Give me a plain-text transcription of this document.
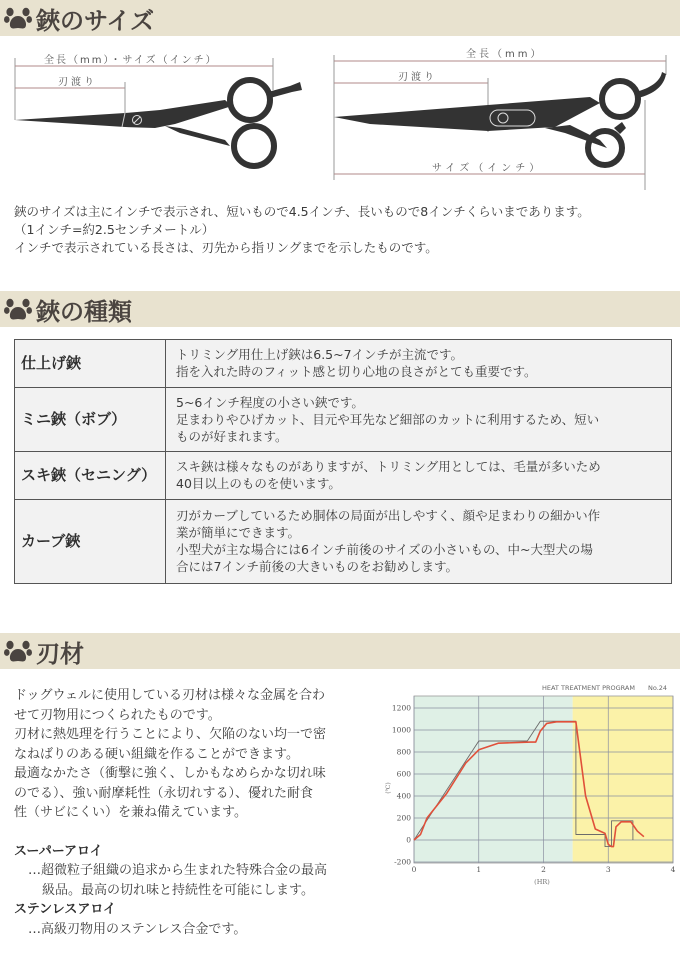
鋏のサイズ
全長（mm）・サイズ（インチ）
刃渡り
全長（mm）
刃渡り
サイズ（インチ）
鋏のサイズは主にインチで表示され、短いもので4.5インチ、長いもので8インチくらいまであります。
（1インチ=約2.5センチメートル）
インチで表示されている長さは、刃先から指リングまでを示したものです。
鋏の種類
仕上げ鋏	トリミング用仕上げ鋏は6.5~7インチが主流です。
指を入れた時のフィット感と切り心地の良さがとても重要です。

ミニ鋏（ボブ）	5~6インチ程度の小さい鋏です。
足まわりやひげカット、目元や耳先など細部のカットに利用するため、短い
ものが好まれます。

スキ鋏（セニング）	スキ鋏は様々なものがありますが、トリミング用としては、毛量が多いため
40目以上のものを使います。

カーブ鋏	刃がカーブしているため胴体の局面が出しやすく、顔や足まわりの細かい作
業が簡単にできます。
小型犬が主な場合には6インチ前後のサイズの小さいもの、中~大型犬の場
合には7インチ前後の大きいものをお勧めします。
刃材
ドッグウェルに使用している刃材は様々な金属を合わ
せて刃物用につくられたものです。
刃材に熱処理を行うことにより、欠陥のない均一で密
なねばりのある硬い組織を作ることができます。
最適なかたさ（衝撃に強く、しかもなめらかな切れ味
のでる）、強い耐摩耗性（永切れする）、優れた耐食
性（サビにくい）を兼ね備えています。
スーパーアロイ
…超微粒子組織の追求から生まれた特殊合金の最高
級品。最高の切れ味と持続性を可能にします。
ステンレスアロイ
…高級刃物用のステンレス合金です。
HEAT TREATMENT PROGRAM No.24
1200
1000
800
600
400
200
0
-200
0	1	2	3	4
(HR)
(℃)
